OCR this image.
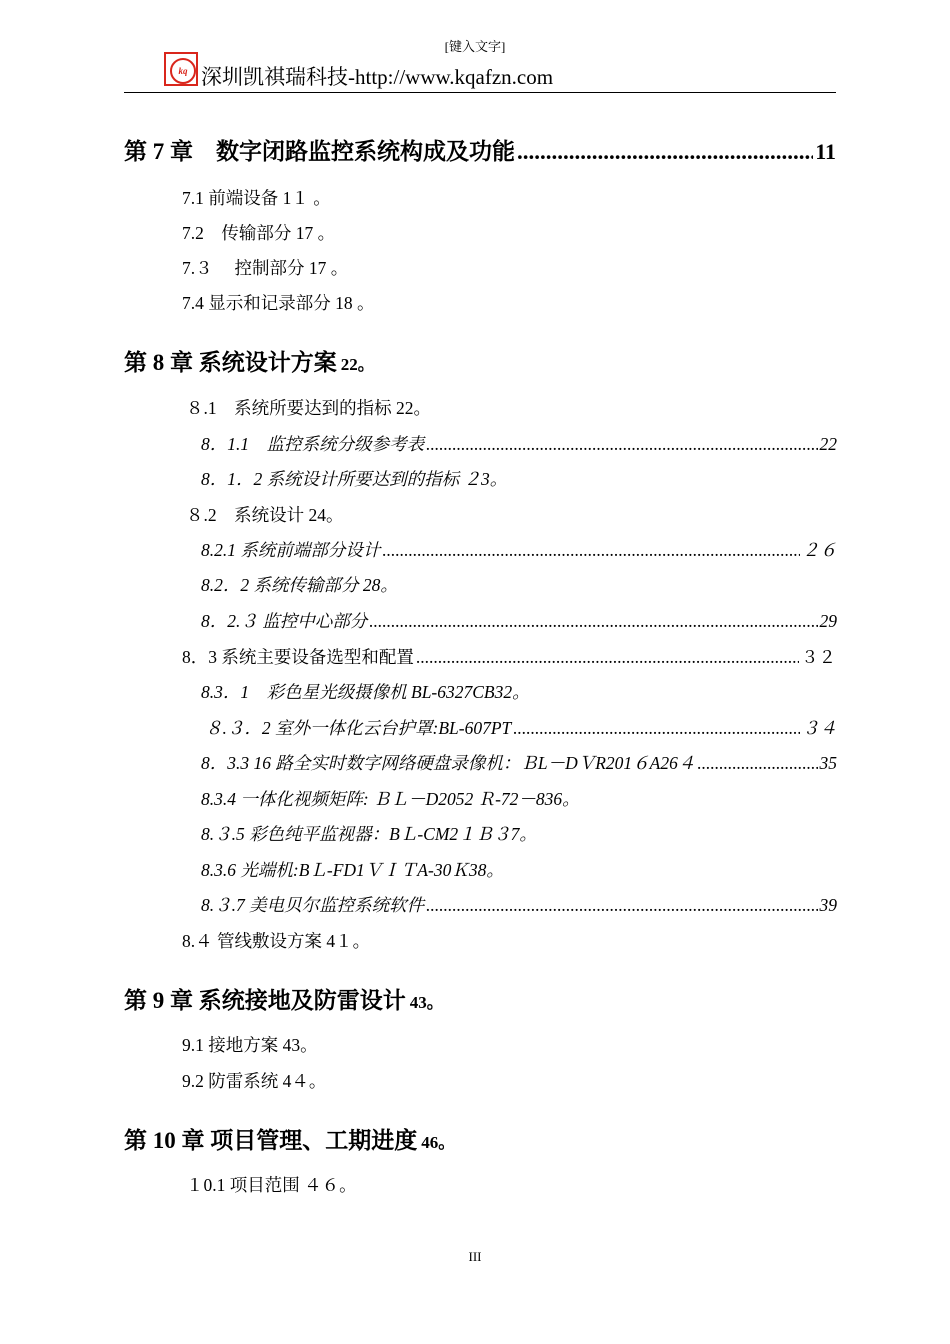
[键入文字]
kq 深圳凯祺瑞科技-http://www.kqafzn.com
第 7 章　数字闭路监控系统构成及功能 .....	11
7.1 前端设备 1１ 。
7.2　传输部分 17 。
7.３　 控制部分 17 。
7.4 显示和记录部分 18 。
第 8 章 系统设计方案 22。
８.1　系统所要达到的指标 22。
8．1.1　监控系统分级参考表 .....	22
8．1．2 系统设计所要达到的指标 ２3。
８.2　系统设计 24。
8.2.1 系统前端部分设计 .....	２６
8.2．2 系统传输部分 28。
8．2.３ 监控中心部分 .....	29
8．3 系统主要设备选型和配置 .....	３２
8.3．1　彩色星光级摄像机 BL-6327CB32。
８.３．2 室外一体化云台护罩:BL-607PT .....	３４
8．3.3 16 路全实时数字网络硬盘录像机：ＢL－DＶR201６A26４ .....	35
8.3.4 一体化视频矩阵: ＢＬ－D2052 Ｒ-72－836。
8.３.5 彩色纯平监视器：BＬ-CM2１Ｂ３7。
8.3.6 光端机:BＬ-FD1ＶＩＴA-30Ｋ38。
8.３.7 美电贝尔监控系统软件 .....	39
8.４ 管线敷设方案 4１。
第 9 章 系统接地及防雷设计 43。
9.1 接地方案 43。
9.2 防雷系统 4４。
第 10 章 项目管理、工期进度 46。
１0.1 项目范围 ４６。
III
